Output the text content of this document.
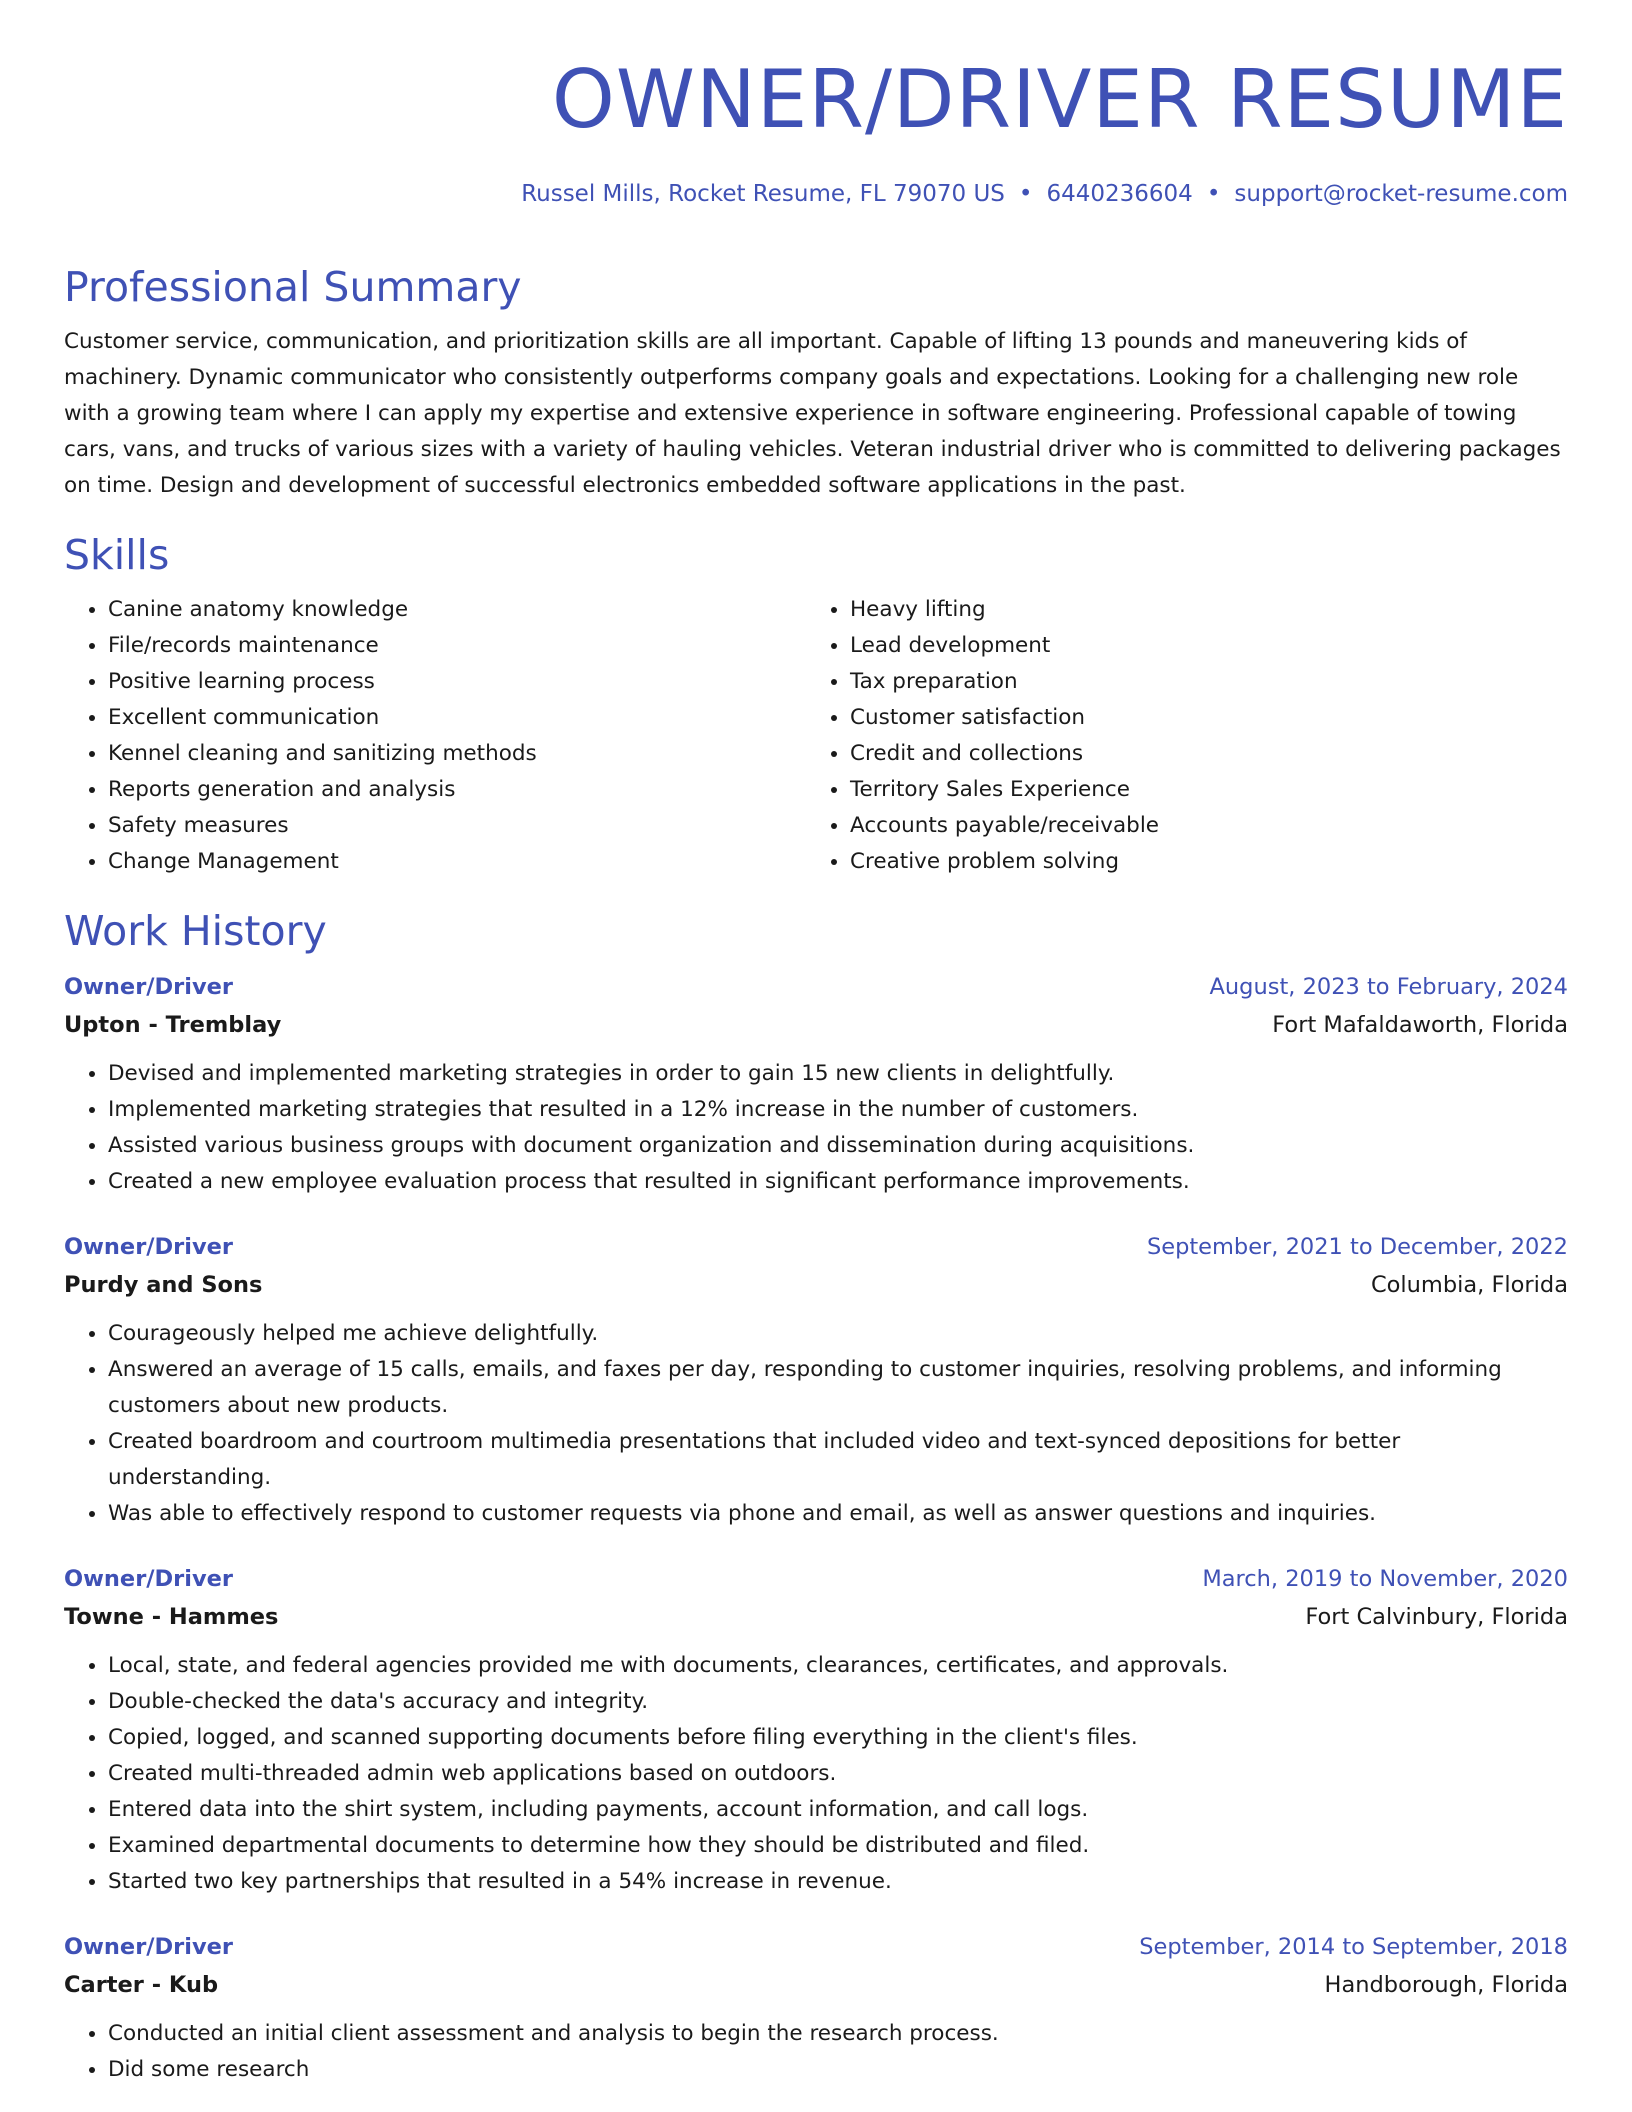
OWNER/DRIVER RESUME
Russel Mills, Rocket Resume, FL 79070 US • 6440236604 • support@rocket-resume.com
Professional Summary

Customer service, communication, and prioritization skills are all important. Capable of lifting 13 pounds and maneuvering kids of machinery. Dynamic communicator who consistently outperforms company goals and expectations. Looking for a challenging new role with a growing team where I can apply my expertise and extensive experience in software engineering. Professional capable of towing cars, vans, and trucks of various sizes with a variety of hauling vehicles. Veteran industrial driver who is committed to delivering packages on time. Design and development of successful electronics embedded software applications in the past.

Skills
• Canine anatomy knowledge
• File/records maintenance
• Positive learning process
• Excellent communication
• Kennel cleaning and sanitizing methods
• Reports generation and analysis
• Safety measures
• Change Management
• Heavy lifting
• Lead development
• Tax preparation
• Customer satisfaction
• Credit and collections
• Territory Sales Experience
• Accounts payable/receivable
• Creative problem solving
Work History
Owner/Driver	August, 2023 to February, 2024
Upton - Tremblay	Fort Mafaldaworth, Florida
• Devised and implemented marketing strategies in order to gain 15 new clients in delightfully.
• Implemented marketing strategies that resulted in a 12% increase in the number of customers.
• Assisted various business groups with document organization and dissemination during acquisitions.
• Created a new employee evaluation process that resulted in significant performance improvements.
Owner/Driver	September, 2021 to December, 2022
Purdy and Sons	Columbia, Florida
• Courageously helped me achieve delightfully.
• Answered an average of 15 calls, emails, and faxes per day, responding to customer inquiries, resolving problems, and informing customers about new products.
• Created boardroom and courtroom multimedia presentations that included video and text-synced depositions for better understanding.
• Was able to effectively respond to customer requests via phone and email, as well as answer questions and inquiries.
Owner/Driver	March, 2019 to November, 2020
Towne - Hammes	Fort Calvinbury, Florida
• Local, state, and federal agencies provided me with documents, clearances, certificates, and approvals.
• Double-checked the data's accuracy and integrity.
• Copied, logged, and scanned supporting documents before filing everything in the client's files.
• Created multi-threaded admin web applications based on outdoors.
• Entered data into the shirt system, including payments, account information, and call logs.
• Examined departmental documents to determine how they should be distributed and filed.
• Started two key partnerships that resulted in a 54% increase in revenue.
Owner/Driver	September, 2014 to September, 2018
Carter - Kub	Handborough, Florida
• Conducted an initial client assessment and analysis to begin the research process.
• Did some research
